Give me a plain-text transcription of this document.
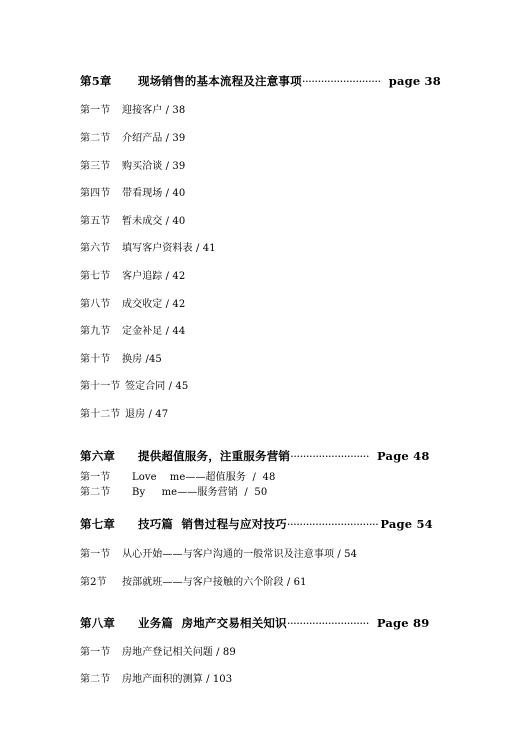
第5章 现场销售的基本流程及注意事项························· page 38
第一节 迎接客户 / 38
第二节 介绍产品 / 39
第三节 购买洽谈 / 39
第四节 带看现场 / 40
第五节 暂未成交 / 40
第六节 填写客户资料表 / 41
第七节 客户追踪 / 42
第八节 成交收定 / 42
第九节 定金补足 / 44
第十节 换房 /45
第十一节 签定合同 / 45
第十二节 退房 / 47
第六章 提供超值服务，注重服务营销························· Page 48
第一节 Love    me——超值服务  /  48
第二节 By     me——服务营销  /  50
第七章 技巧篇  销售过程与应对技巧····························· Page 54
第一节 从心开始——与客户沟通的一般常识及注意事项 / 54
第2节 按部就班——与客户接触的六个阶段 / 61
第八章 业务篇  房地产交易相关知识·························· Page 89
第一节 房地产登记相关问题 / 89
第二节 房地产面积的测算 / 103
